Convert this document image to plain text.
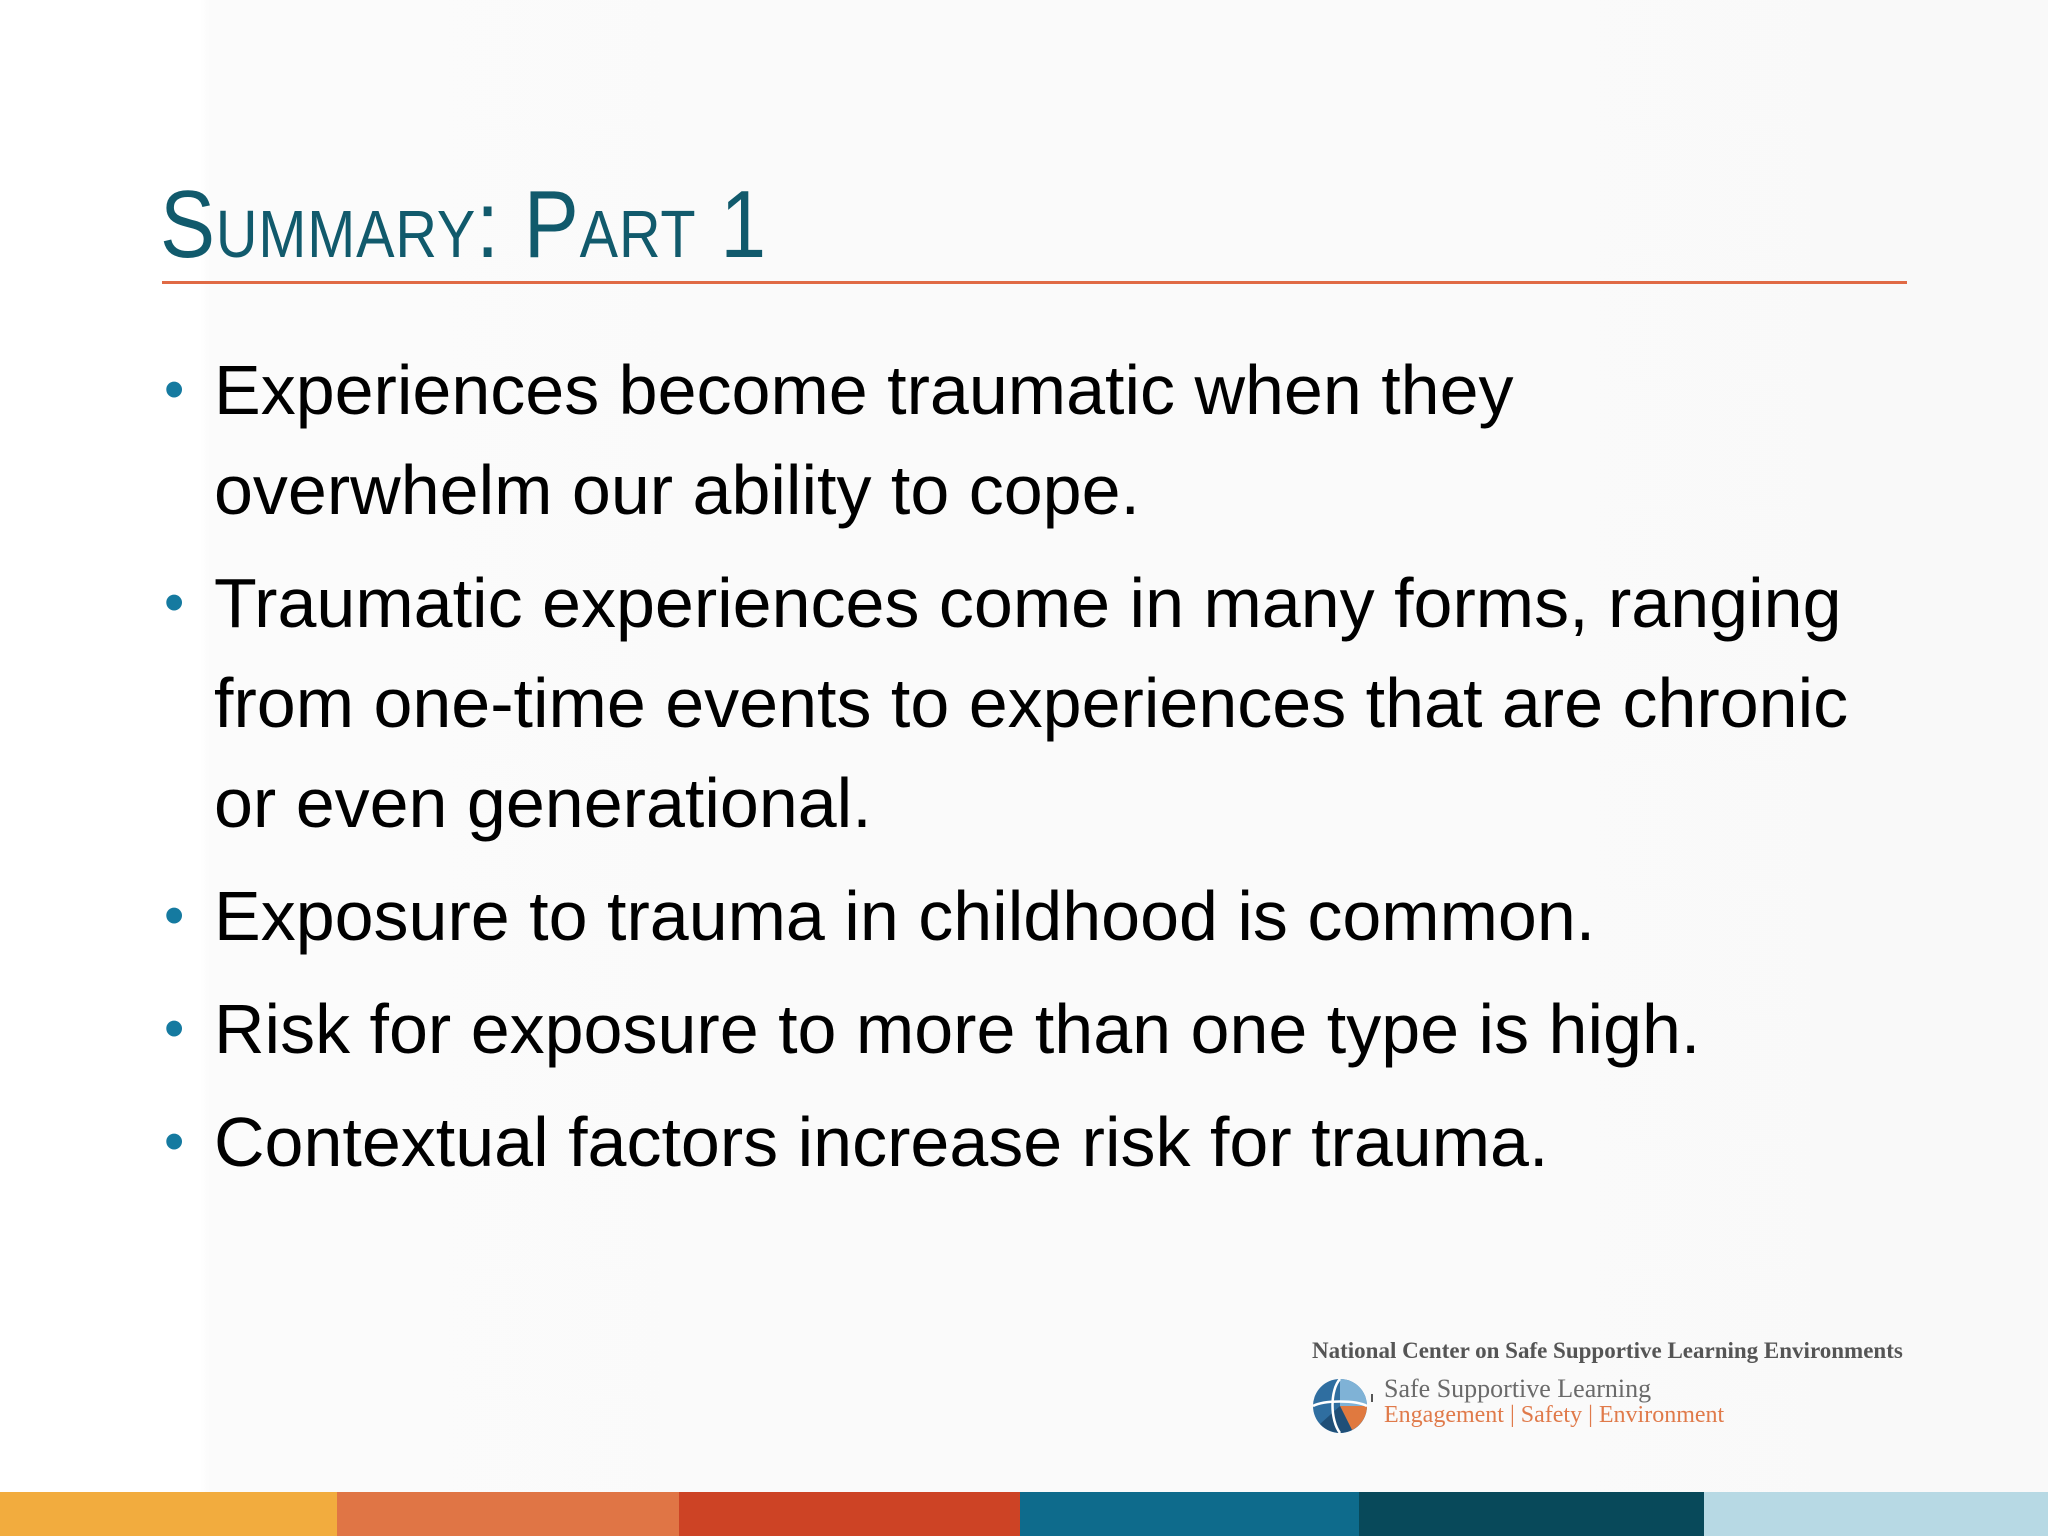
Summary: Part 1
• Experiences become traumatic when they overwhelm our ability to cope.
• Traumatic experiences come in many forms, ranging from one-time events to experiences that are chronic or even generational.
• Exposure to trauma in childhood is common.
• Risk for exposure to more than one type is high.
• Contextual factors increase risk for trauma.
National Center on Safe Supportive Learning Environments
Safe Supportive Learning
Engagement | Safety | Environment
